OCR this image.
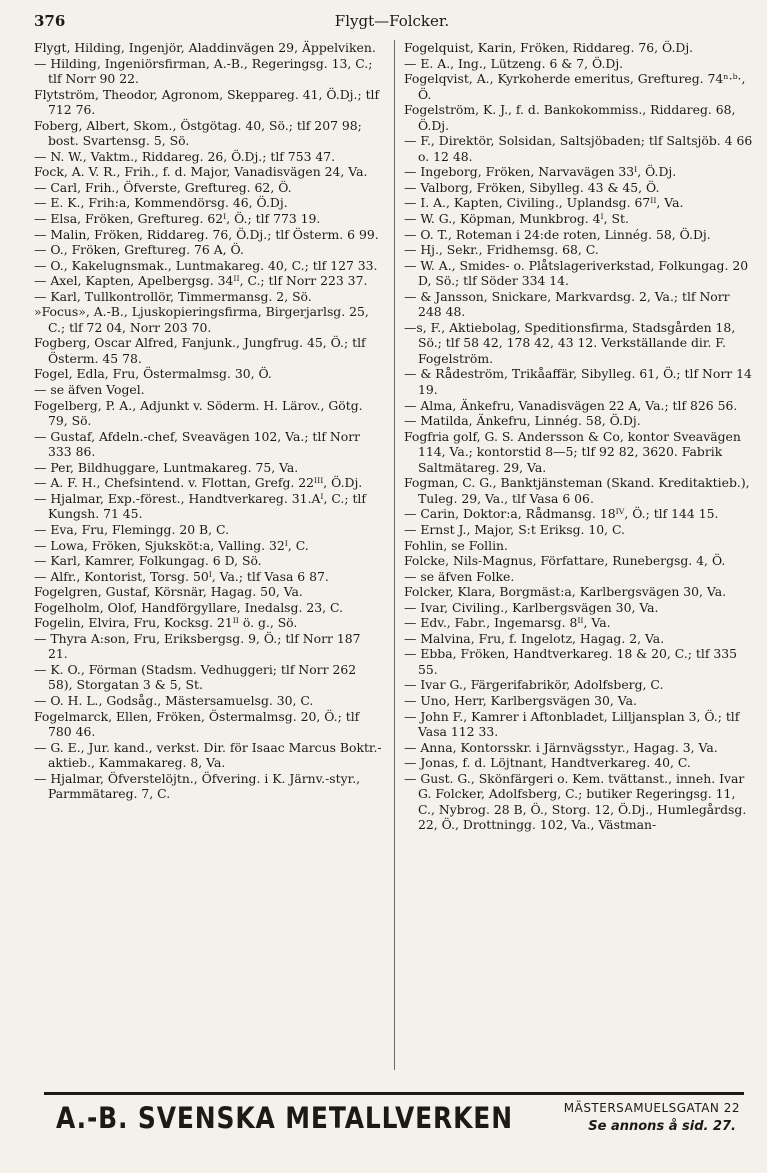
376	Flygt—Folcker.

Flygt, Hilding, Ingenjör, Aladdinvägen 29, Äppelviken.

— Hilding, Ingeniörsfirman, A.-B., Regeringsg. 13, C.; tlf Norr 90 22.

Flytström, Theodor, Agronom, Skeppareg. 41, Ö.Dj.; tlf 712 76.

Foberg, Albert, Skom., Östgötag. 40, Sö.; tlf 207 98; bost. Svartensg. 5, Sö.

— N. W., Vaktm., Riddareg. 26, Ö.Dj.; tlf 753 47.

Fock, A. V. R., Frih., f. d. Major, Vanadisvägen 24, Va.

— Carl, Frih., Öfverste, Greftureg. 62, Ö.

— E. K., Frih:a, Kommendörsg. 46, Ö.Dj.

— Elsa, Fröken, Greftureg. 62ᴵ, Ö.; tlf 773 19.

— Malin, Fröken, Riddareg. 76, Ö.Dj.; tlf Österm. 6 99.

— O., Fröken, Greftureg. 76 A, Ö.

— O., Kakelugnsmak., Luntmakareg. 40, C.; tlf 127 33.

— Axel, Kapten, Apelbergsg. 34ᴵᴵ, C.; tlf Norr 223 37.

— Karl, Tullkontrollör, Timmermansg. 2, Sö.

»Focus», A.-B., Ljuskopieringsfirma, Birgerjarlsg. 25, C.; tlf 72 04, Norr 203 70.

Fogberg, Oscar Alfred, Fanjunk., Jungfrug. 45, Ö.; tlf Österm. 45 78.

Fogel, Edla, Fru, Östermalmsg. 30, Ö.

— se äfven Vogel.

Fogelberg, P. A., Adjunkt v. Söderm. H. Lärov., Götg. 79, Sö.

— Gustaf, Afdeln.-chef, Sveavägen 102, Va.; tlf Norr 333 86.

— Per, Bildhuggare, Luntmakareg. 75, Va.

— A. F. H., Chefsintend. v. Flottan, Grefg. 22ᴵᴵᴵ, Ö.Dj.

— Hjalmar, Exp.-förest., Handtverkareg. 31.Aᴵ, C.; tlf Kungsh. 71 45.

— Eva, Fru, Flemingg. 20 B, C.

— Lowa, Fröken, Sjuksköt:a, Valling. 32ᴵ, C.

— Karl, Kamrer, Folkungag. 6 D, Sö.

— Alfr., Kontorist, Torsg. 50ᴵ, Va.; tlf Vasa 6 87.

Fogelgren, Gustaf, Körsnär, Hagag. 50, Va.

Fogelholm, Olof, Handförgyllare, Inedalsg. 23, C.

Fogelin, Elvira, Fru, Kocksg. 21ᴵᴵ ö. g., Sö.

— Thyra A:son, Fru, Eriksbergsg. 9, Ö.; tlf Norr 187 21.

— K. O., Förman (Stadsm. Vedhuggeri; tlf Norr 262 58), Storgatan 3 & 5, St.

— O. H. L., Godsåg., Mästersamuelsg. 30, C.

Fogelmarck, Ellen, Fröken, Östermalmsg. 20, Ö.; tlf 780 46.

— G. E., Jur. kand., verkst. Dir. för Isaac Marcus Boktr.-aktieb., Kammakareg. 8, Va.

— Hjalmar, Öfverstelöjtn., Öfvering. i K. Järnv.-styr., Parmmätareg. 7, C.

Fogelquist, Karin, Fröken, Riddareg. 76, Ö.Dj.

— E. A., Ing., Lützeng. 6 & 7, Ö.Dj.

Fogelqvist, A., Kyrkoherde emeritus, Greftureg. 74ⁿ·ᵇ·, Ö.

Fogelström, K. J., f. d. Bankokommiss., Riddareg. 68, Ö.Dj.

— F., Direktör, Solsidan, Saltsjöbaden; tlf Saltsjöb. 4 66 o. 12 48.

— Ingeborg, Fröken, Narvavägen 33ᴵ, Ö.Dj.

— Valborg, Fröken, Sibylleg. 43 & 45, Ö.

— I. A., Kapten, Civiling., Uplandsg. 67ᴵᴵ, Va.

— W. G., Köpman, Munkbrog. 4ᴵ, St.

— O. T., Roteman i 24:de roten, Linnég. 58, Ö.Dj.

— Hj., Sekr., Fridhemsg. 68, C.

— W. A., Smides- o. Plåtslageriverkstad, Folkungag. 20 D, Sö.; tlf Söder 334 14.

— & Jansson, Snickare, Markvardsg. 2, Va.; tlf Norr 248 48.

—s, F., Aktiebolag, Speditionsfirma, Stadsgården 18, Sö.; tlf 58 42, 178 42, 43 12. Verkställande dir. F. Fogelström.

— & Rådeström, Trikåaffär, Sibylleg. 61, Ö.; tlf Norr 14 19.

— Alma, Änkefru, Vanadisvägen 22 A, Va.; tlf 826 56.

— Matilda, Änkefru, Linnég. 58, Ö.Dj.

Fogfria golf, G. S. Andersson & Co, kontor Sveavägen 114, Va.; kontorstid 8—5; tlf 92 82, 3620. Fabrik Saltmätareg. 29, Va.

Fogman, C. G., Banktjänsteman (Skand. Kreditaktieb.), Tuleg. 29, Va., tlf Vasa 6 06.

— Carin, Doktor:a, Rådmansg. 18ᴵⱽ, Ö.; tlf 144 15.

— Ernst J., Major, S:t Eriksg. 10, C.

Fohlin, se Follin.

Folcke, Nils-Magnus, Författare, Runebergsg. 4, Ö.

— se äfven Folke.

Folcker, Klara, Borgmäst:a, Karlbergsvägen 30, Va.

— Ivar, Civiling., Karlbergsvägen 30, Va.

— Edv., Fabr., Ingemarsg. 8ᴵᴵ, Va.

— Malvina, Fru, f. Ingelotz, Hagag. 2, Va.

— Ebba, Fröken, Handtverkareg. 18 & 20, C.; tlf 335 55.

— Ivar G., Färgerifabrikör, Adolfsberg, C.

— Uno, Herr, Karlbergsvägen 30, Va.

— John F., Kamrer i Aftonbladet, Lilljansplan 3, Ö.; tlf Vasa 112 33.

— Anna, Kontorsskr. i Järnvägsstyr., Hagag. 3, Va.

— Jonas, f. d. Löjtnant, Handtverkareg. 40, C.

— Gust. G., Skönfärgeri o. Kem. tvättanst., inneh. Ivar G. Folcker, Adolfsberg, C.; butiker Regeringsg. 11, C., Nybrog. 28 B, Ö., Storg. 12, Ö.Dj., Humlegårdsg. 22, Ö., Drottningg. 102, Va., Västman-

A.-B. SVENSKA METALLVERKEN	MÄSTERSAMUELSGATAN 22
Se annons å sid. 27.
